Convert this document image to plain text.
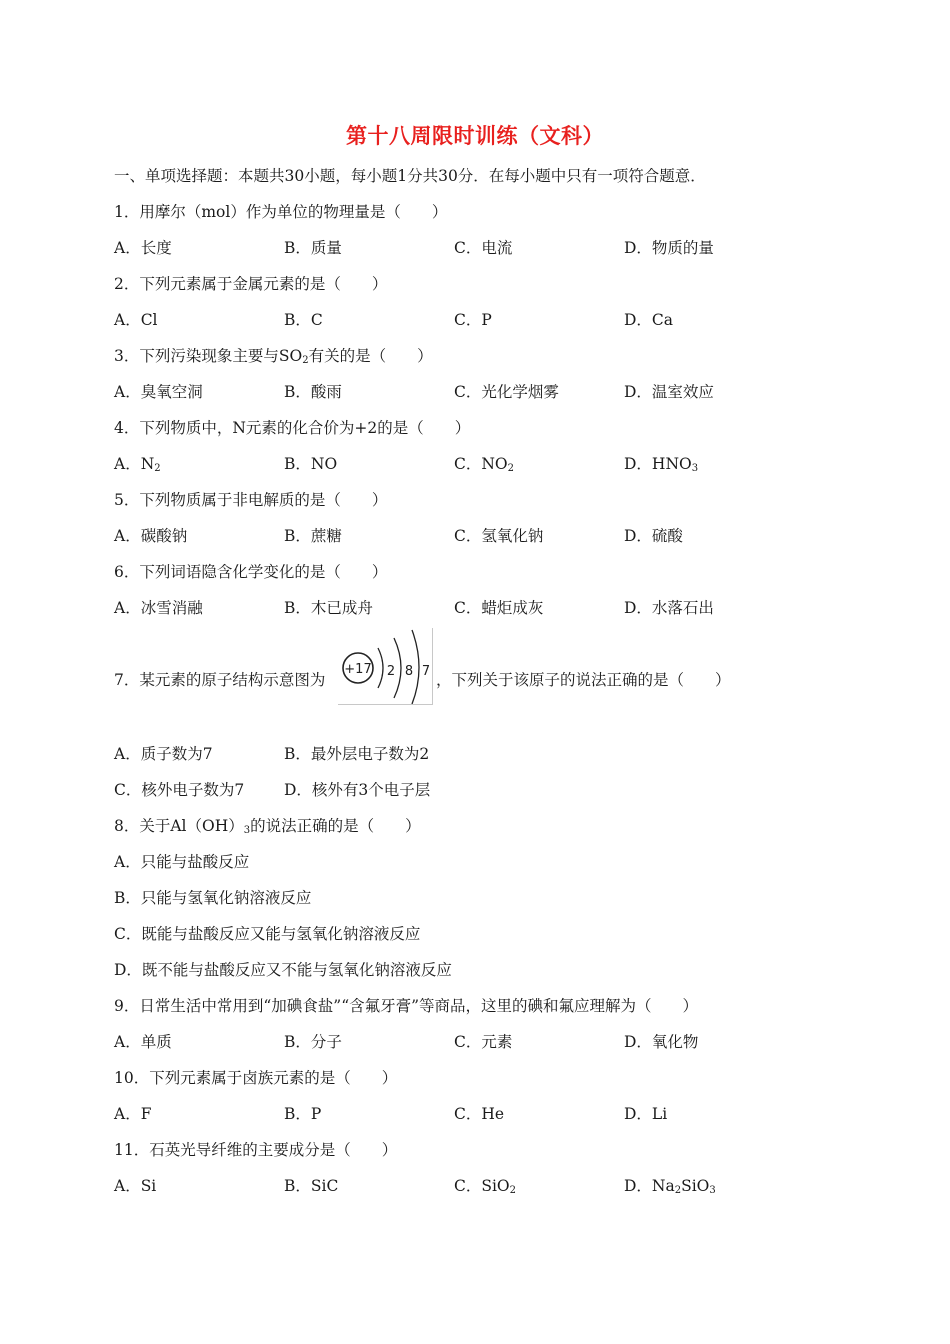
第十八周限时训练（文科）
一、单项选择题：本题共30小题，每小题1分共30分．在每小题中只有一项符合题意．
1．用摩尔（mol）作为单位的物理量是（　　）
A．长度	B．质量	C．电流	D．物质的量
2．下列元素属于金属元素的是（　　）
A．Cl	B．C	C．P	D．Ca
3．下列污染现象主要与$SO_2$有关的是（　　）
A．臭氧空洞	B．酸雨	C．光化学烟雾	D．温室效应
4．下列物质中，N元素的化合价为+2的是（　　）
A．$N_2$	B．NO	C．$NO_2$	D．$HNO_3$
5．下列物质属于非电解质的是（　　）
A．碳酸钠	B．蔗糖	C．氢氧化钠	D．硫酸
6．下列词语隐含化学变化的是（　　）
A．冰雪消融	B．木已成舟	C．蜡炬成灰	D．水落石出
7．某元素的原子结构示意图为
+17 2 8 7 ，下列关于该原子的说法正确的是（　　）
A．质子数为7	B．最外层电子数为2
C．核外电子数为7	D．核外有3个电子层
8．关于$Al(OH)_3$的说法正确的是（　　）
A．只能与盐酸反应
B．只能与氢氧化钠溶液反应
C．既能与盐酸反应又能与氢氧化钠溶液反应
D．既不能与盐酸反应又不能与氢氧化钠溶液反应
9．日常生活中常用到“加碘食盐”“含氟牙膏”等商品，这里的碘和氟应理解为（　　）
A．单质	B．分子	C．元素	D．氧化物
10．下列元素属于卤族元素的是（　　）
A．F	B．P	C．He	D．Li
11．石英光导纤维的主要成分是（　　）
A．Si	B．SiC	C．SiO$_2$	D．$Na_2SiO_3$
